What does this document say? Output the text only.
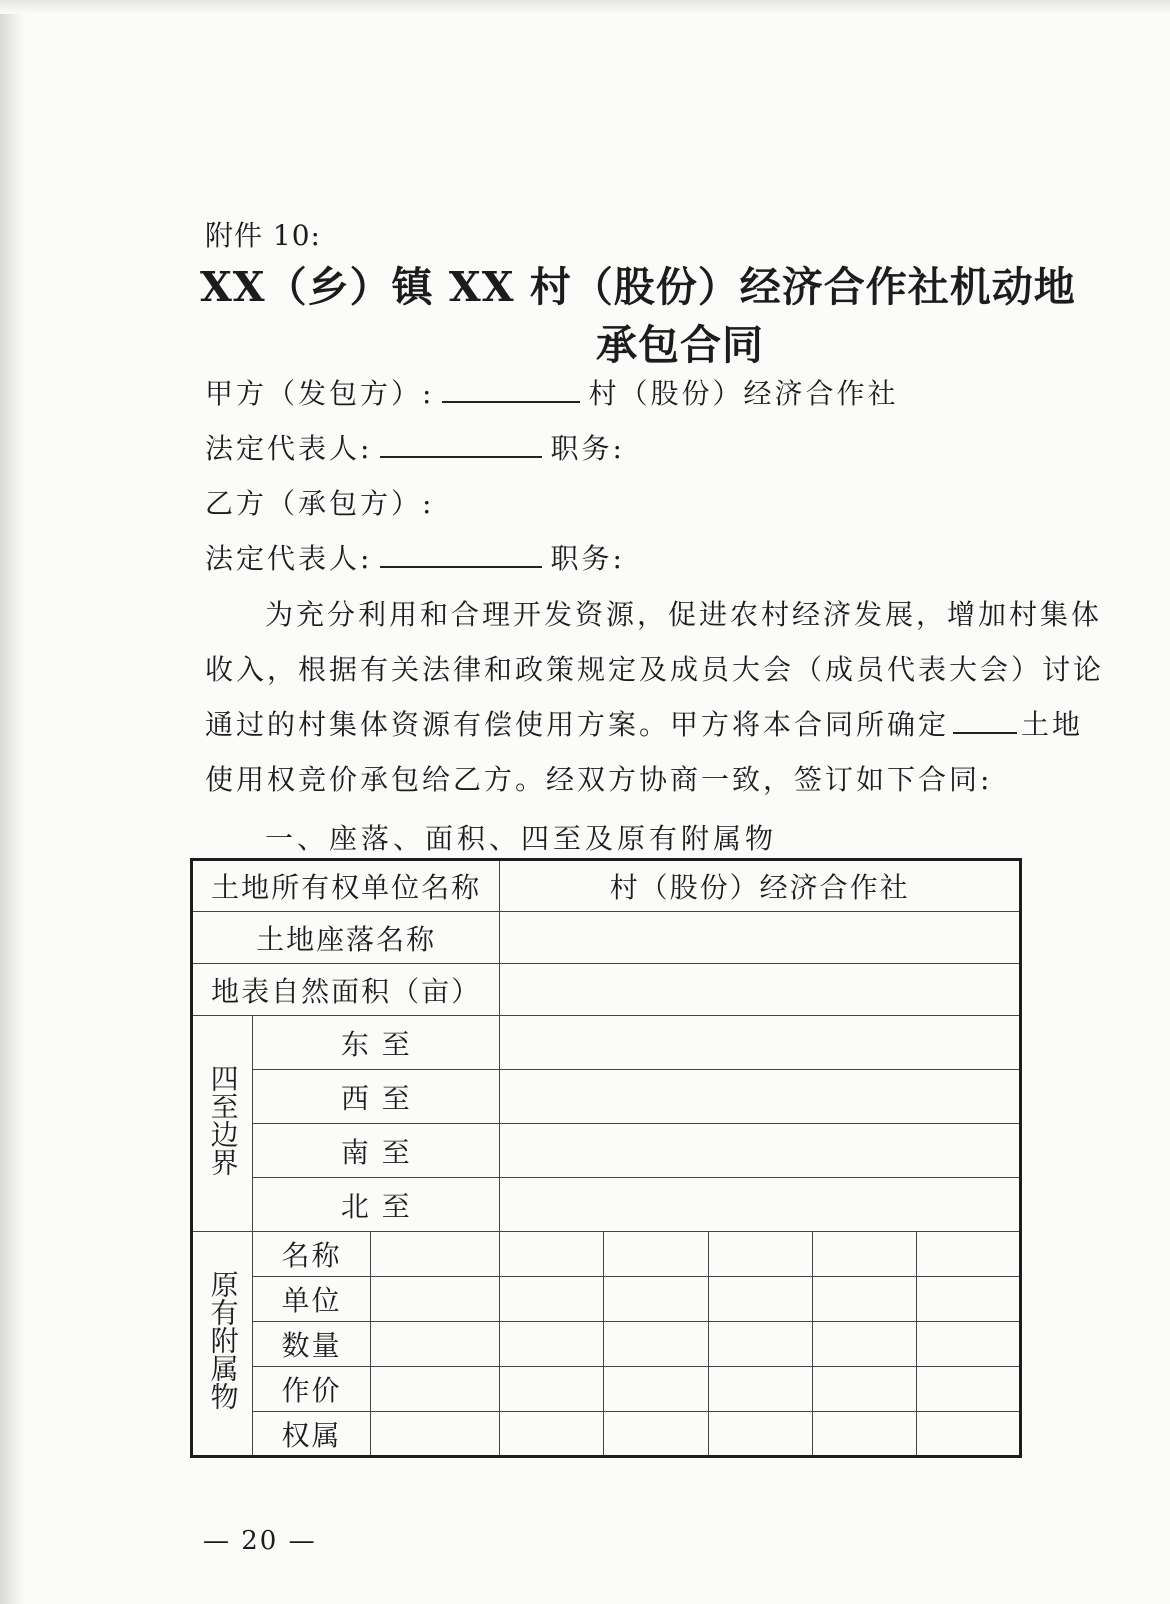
附件 10:
XX（乡）镇 XX 村（股份）经济合作社机动地
承包合同
甲方（发包方）:	村（股份）经济合作社
法定代表人:	职务:
乙方（承包方）:
法定代表人:	职务:

为充分利用和合理开发资源，促进农村经济发展，增加村集体

收入，根据有关法律和政策规定及成员大会（成员代表大会）讨论

通过的村集体资源有偿使用方案。甲方将本合同所确定	土地

使用权竞价承包给乙方。经双方协商一致，签订如下合同:

一、座落、面积、四至及原有附属物
土地所有权单位名称			村（股份）经济合作社				
土地座落名称							
地表自然面积（亩）							
四至边界	东 至						
	西 至						
	南 至						
	北 至						
原有附属物	名称						
	单位						
	数量						
	作价						
	权属						
— 20 —
